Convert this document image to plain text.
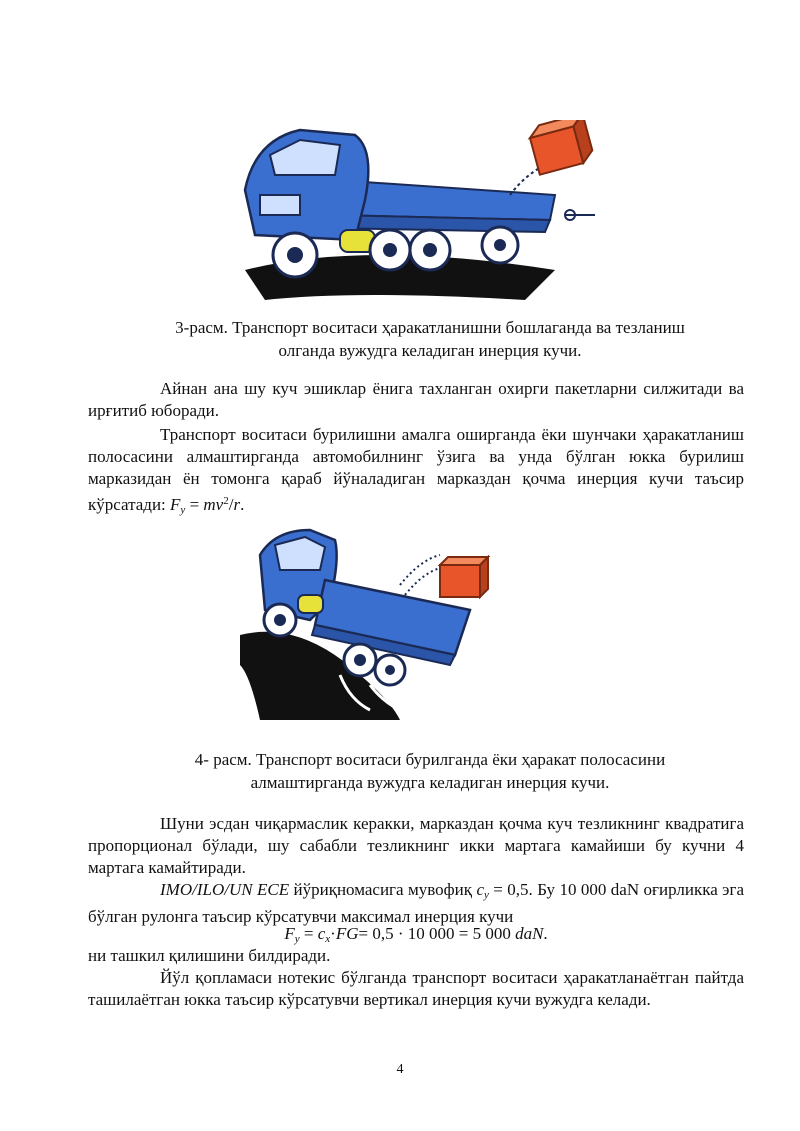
3-расм. Транспорт воситаси ҳаракатланишни бошлаганда ва тезланиш
олганда вужудга келадиган инерция кучи.

Айнан ана шу куч эшиклар ёнига тахланган охирги пакетларни силжитади ва ирғитиб юборади.

Транспорт воситаси бурилишни амалга оширганда ёки шунчаки ҳаракатланиш полосасини алмаштирганда автомобилнинг ўзига ва унда бўлган юкка бурилиш марказидан ён томонга қараб йўналадиган марказдан қочма инерция кучи таъсир кўрсатади: $F_y = mv^2/r$.

4- расм. Транспорт воситаси бурилганда ёки ҳаракат полосасини
алмаштирганда вужудга келадиган инерция кучи.

Шуни эсдан чиқармаслик керакки, марказдан қочма куч тезликнинг квадратига пропорционал бўлади, шу сабабли тезликнинг икки мартага камайиши бу кучни 4 мартага камайтиради.

IMO/ILO/UN ECE йўриқномасига мувофиқ $c_y = 0,5$. Бу 10 000 daN оғирликка эга бўлган рулонга таъсир кўрсатувчи максимал инерция кучи

$F_y = c_x\cdot FG= 0,5 \cdot 10$ 000 = 5 000 daN.

ни ташкил қилишини билдиради.

Йўл қопламаси нотекис бўлганда транспорт воситаси ҳаракатланаётган пайтда ташилаётган юкка таъсир кўрсатувчи вертикал инерция кучи вужудга келади.

4
